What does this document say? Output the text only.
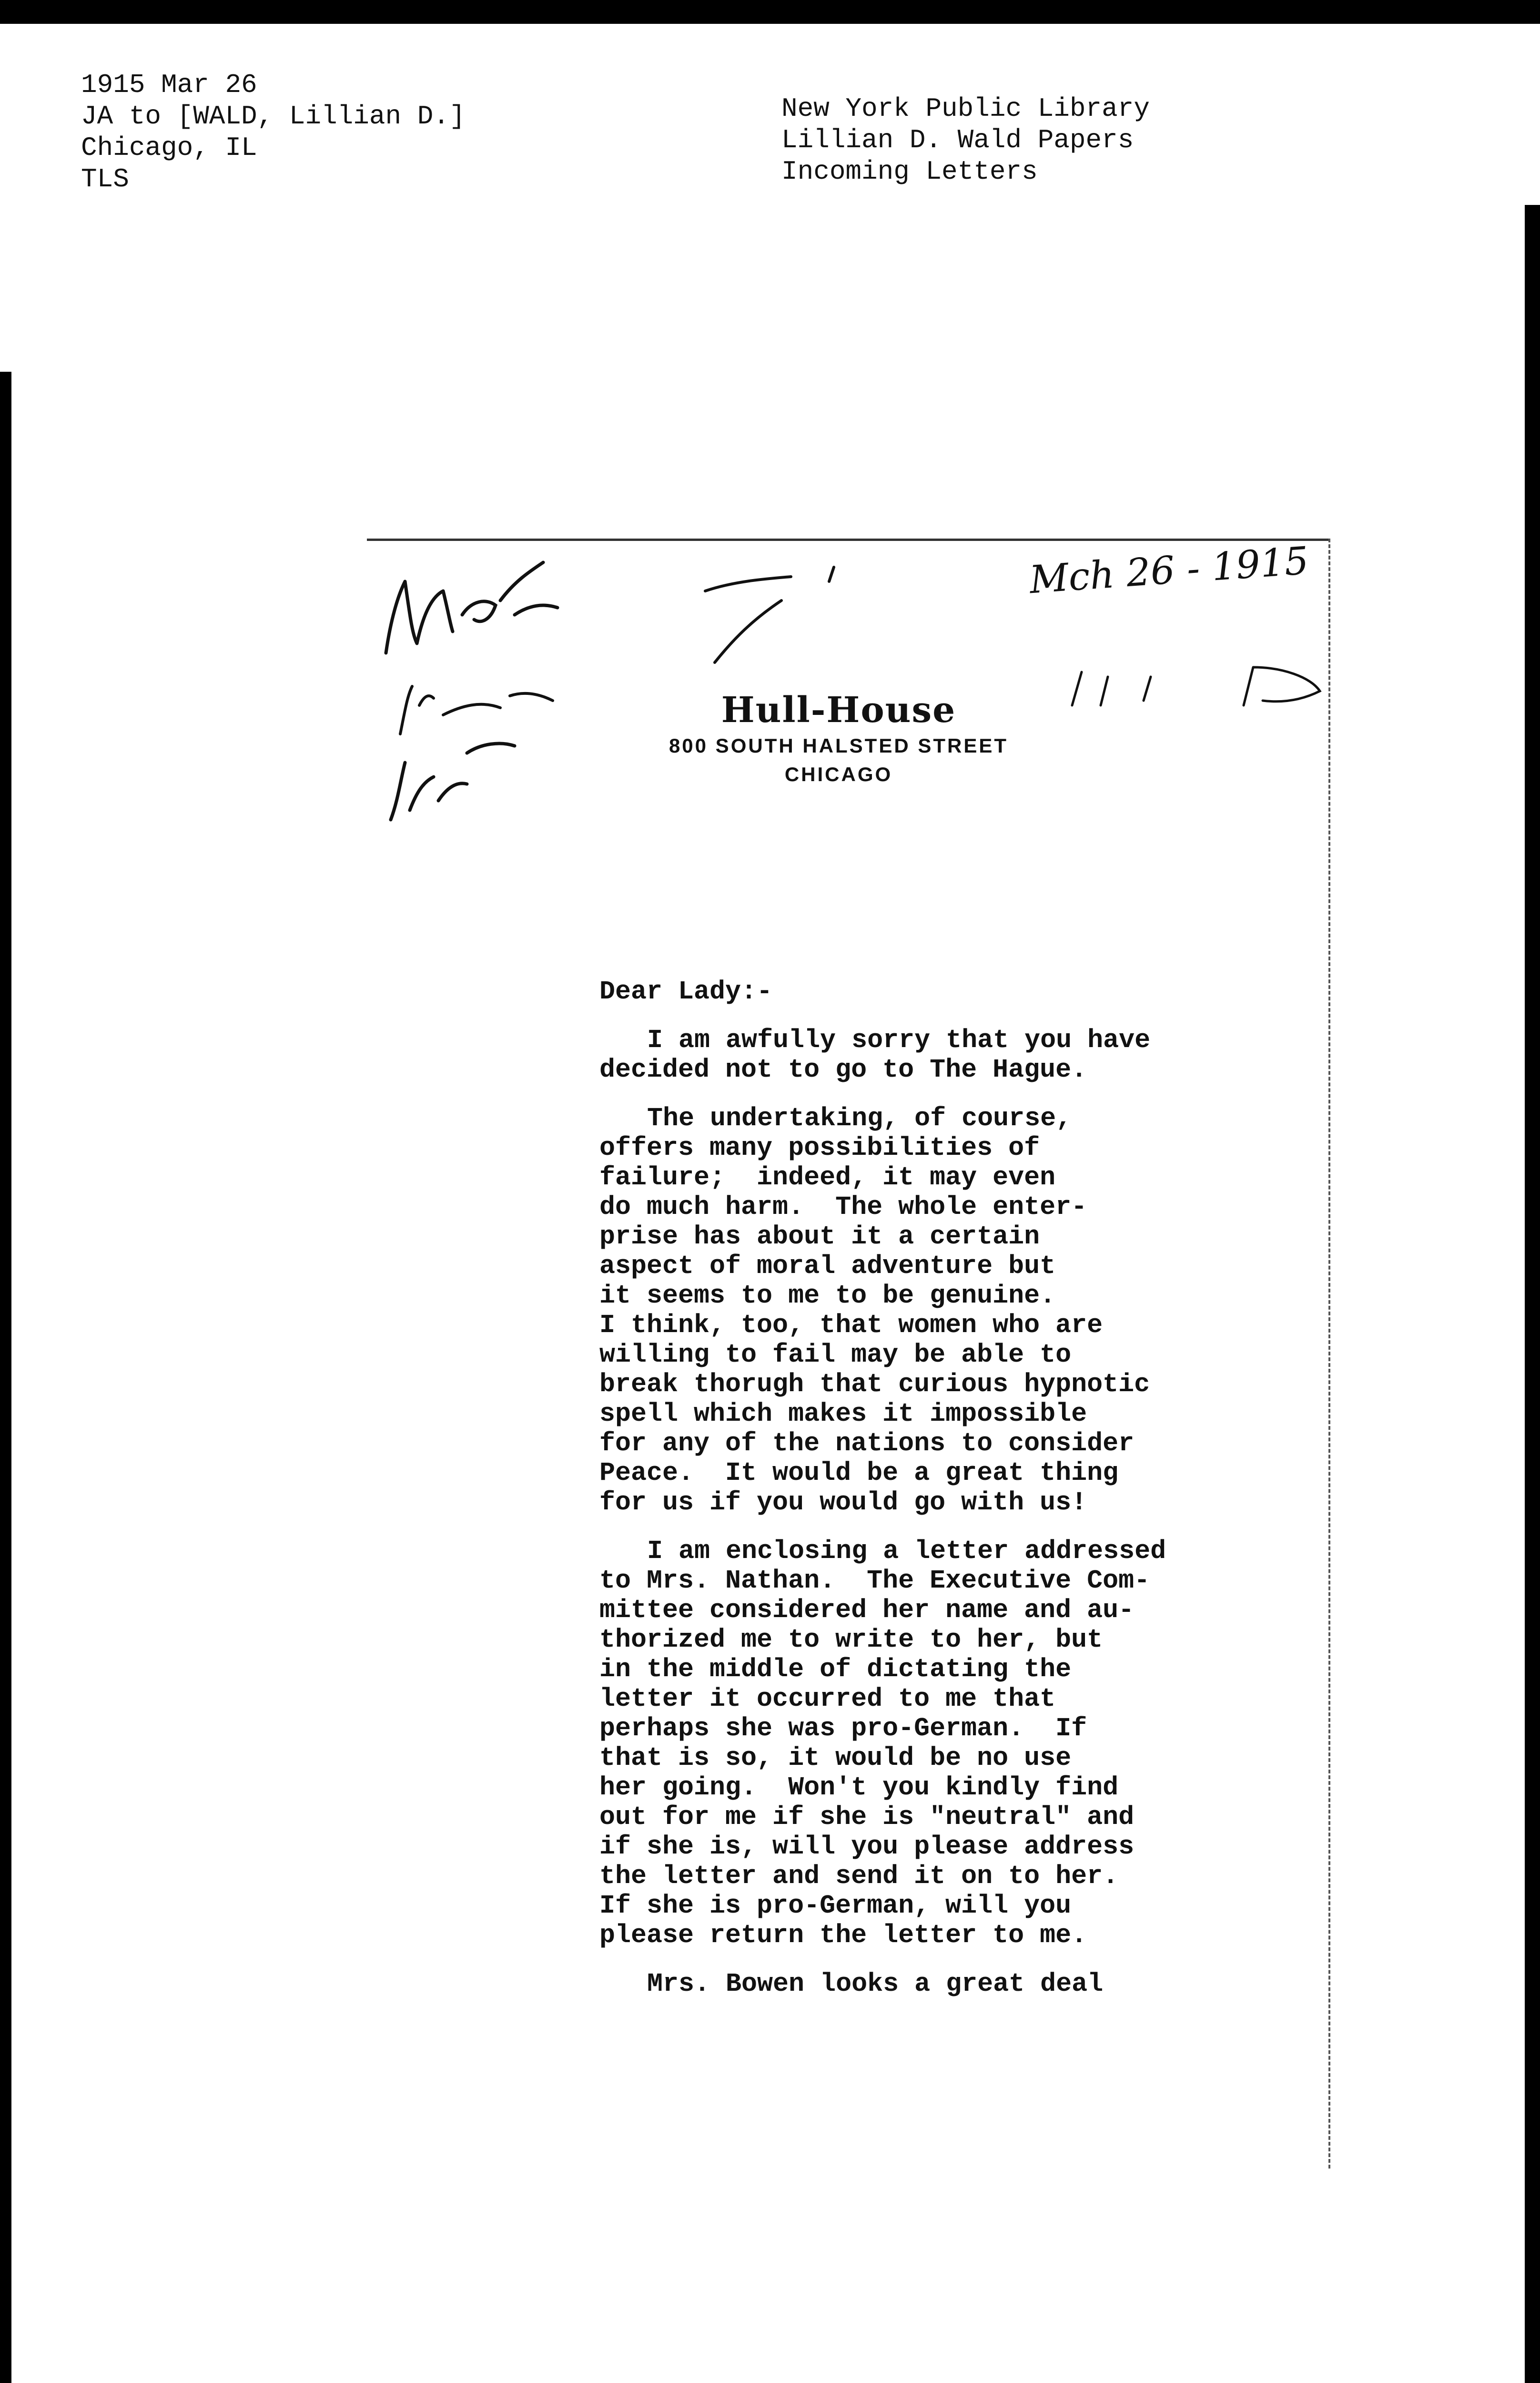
1915 Mar 26
JA to [WALD, Lillian D.]
Chicago, IL
TLS
New York Public Library
Lillian D. Wald Papers
Incoming Letters
Mch 26 - 1915
Hull-House
800 SOUTH HALSTED STREET
CHICAGO
Dear Lady:-
I am awfully sorry that you have
decided not to go to The Hague.
The undertaking, of course,
offers many possibilities of
failure;  indeed, it may even
do much harm.  The whole enter-
prise has about it a certain
aspect of moral adventure but
it seems to me to be genuine.
I think, too, that women who are
willing to fail may be able to
break thorugh that curious hypnotic
spell which makes it impossible
for any of the nations to consider
Peace.  It would be a great thing
for us if you would go with us!
I am enclosing a letter addressed
to Mrs. Nathan.  The Executive Com-
mittee considered her name and au-
thorized me to write to her, but
in the middle of dictating the
letter it occurred to me that
perhaps she was pro-German.  If
that is so, it would be no use
her going.  Won't you kindly find
out for me if she is "neutral" and
if she is, will you please address
the letter and send it on to her.
If she is pro-German, will you
please return the letter to me.
Mrs. Bowen looks a great deal
